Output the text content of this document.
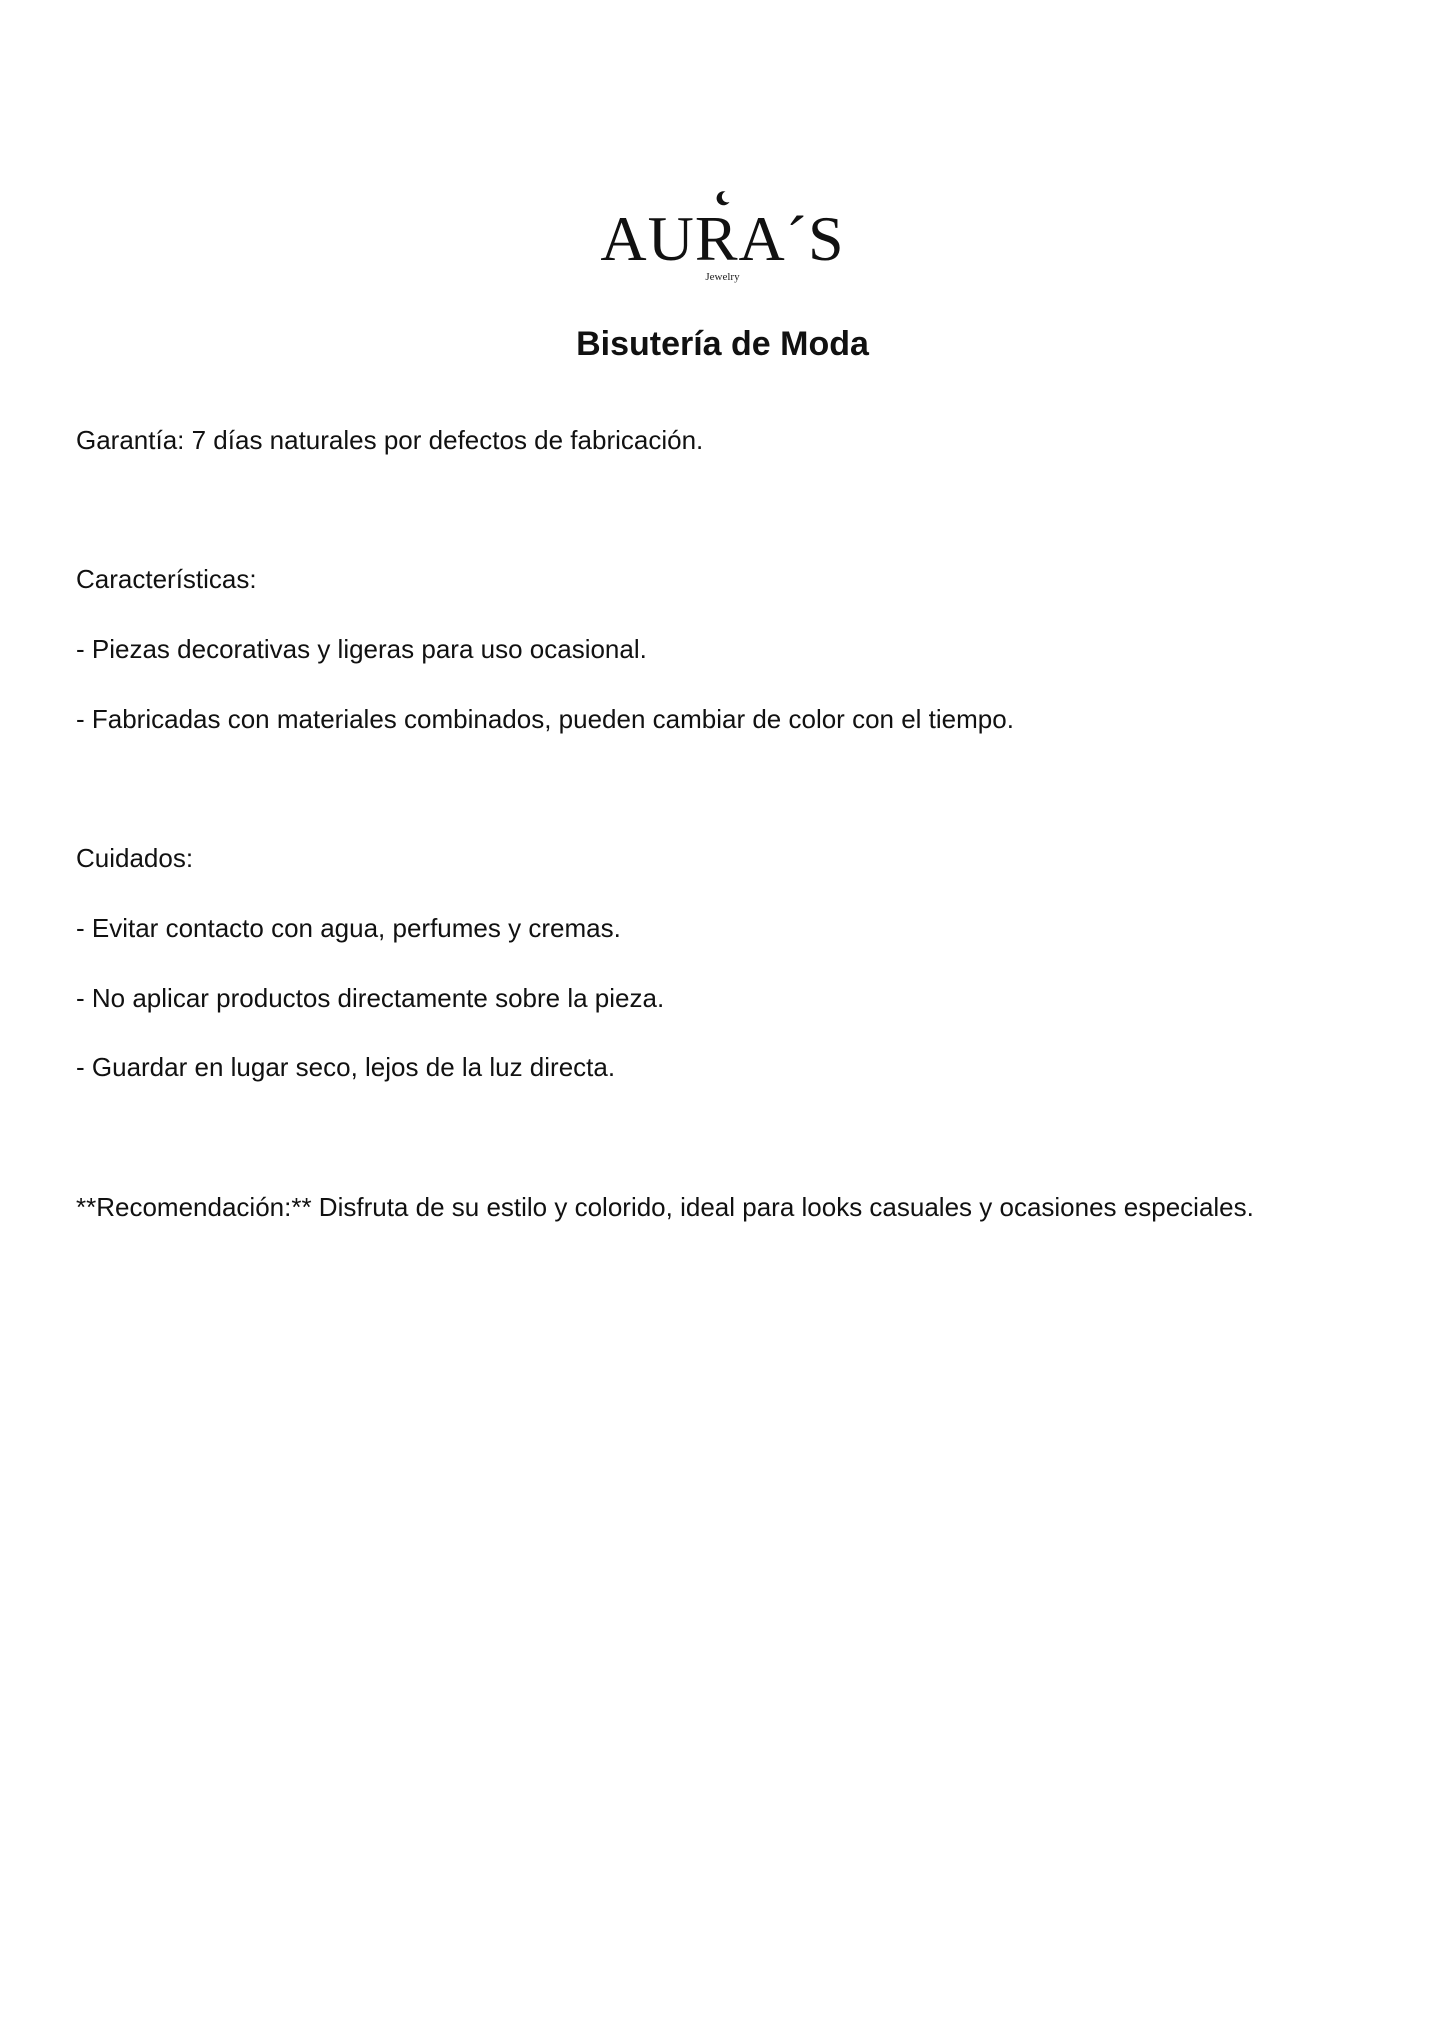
AURA´S
Jewelry
Bisutería de Moda
Garantía: 7 días naturales por defectos de fabricación.
Características:
- Piezas decorativas y ligeras para uso ocasional.
- Fabricadas con materiales combinados, pueden cambiar de color con el tiempo.
Cuidados:
- Evitar contacto con agua, perfumes y cremas.
- No aplicar productos directamente sobre la pieza.
- Guardar en lugar seco, lejos de la luz directa.
**Recomendación:** Disfruta de su estilo y colorido, ideal para looks casuales y ocasiones especiales.
